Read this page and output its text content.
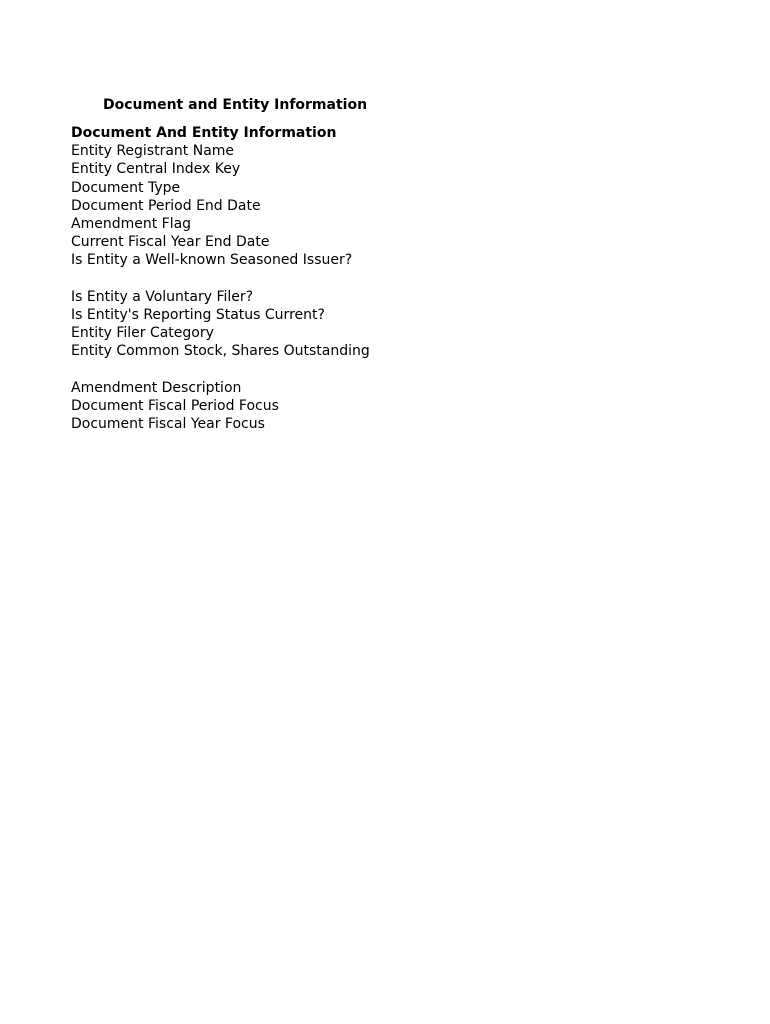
Document and Entity Information
Document And Entity Information
Entity Registrant Name
Entity Central Index Key
Document Type
Document Period End Date
Amendment Flag
Current Fiscal Year End Date
Is Entity a Well-known Seasoned Issuer?
Is Entity a Voluntary Filer?
Is Entity's Reporting Status Current?
Entity Filer Category
Entity Common Stock, Shares Outstanding
Amendment Description
Document Fiscal Period Focus
Document Fiscal Year Focus
